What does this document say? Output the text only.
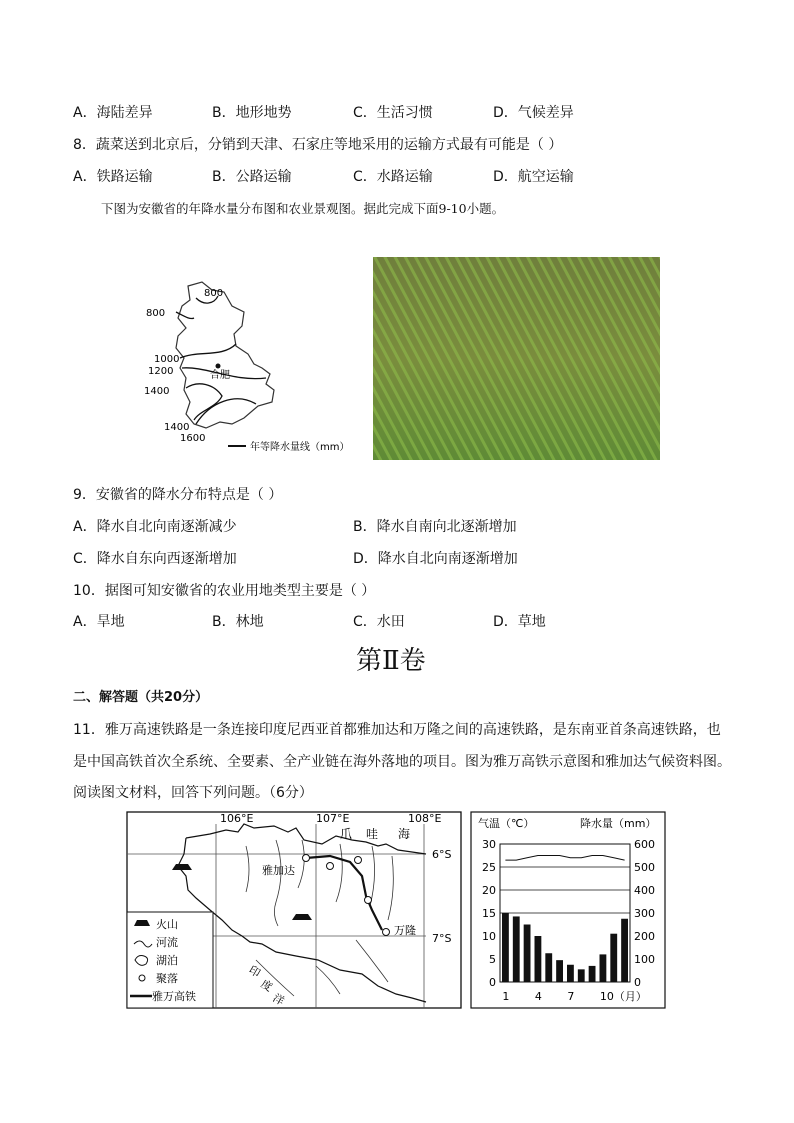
A．海陆差异	B．地形地势	C．生活习惯	D．气候差异
8．蔬菜送到北京后，分销到天津、石家庄等地采用的运输方式最有可能是（ ）
A．铁路运输	B．公路运输	C．水路运输	D．航空运输
下图为安徽省的年降水量分布图和农业景观图。据此完成下面9-10小题。
800
800
1000
1200
1400
合肥
1400
1600
年等降水量线（mm）
9．安徽省的降水分布特点是（ ）
A．降水自北向南逐渐减少	B．降水自南向北逐渐增加
C．降水自东向西逐渐增加	D．降水自北向南逐渐增加
10．据图可知安徽省的农业用地类型主要是（ ）
A．旱地	B．林地	C．水田	D．草地
第Ⅱ卷
二、解答题（共20分）
11．雅万高速铁路是一条连接印度尼西亚首都雅加达和万隆之间的高速铁路，是东南亚首条高速铁路，也
是中国高铁首次全系统、全要素、全产业链在海外落地的项目。图为雅万高铁示意图和雅加达气候资料图。
阅读图文材料，回答下列问题。（6分）
106°E	107°E	108°E
6°S
7°S
爪 哇 海
印
度
洋
雅加达
万隆
火山
河流
湖泊
聚落
雅万高铁
气温（℃）	降水量（mm）
30	600
25	500
20	400
15	300
10	200
5	100
0	0
1 4 7 10（月）
